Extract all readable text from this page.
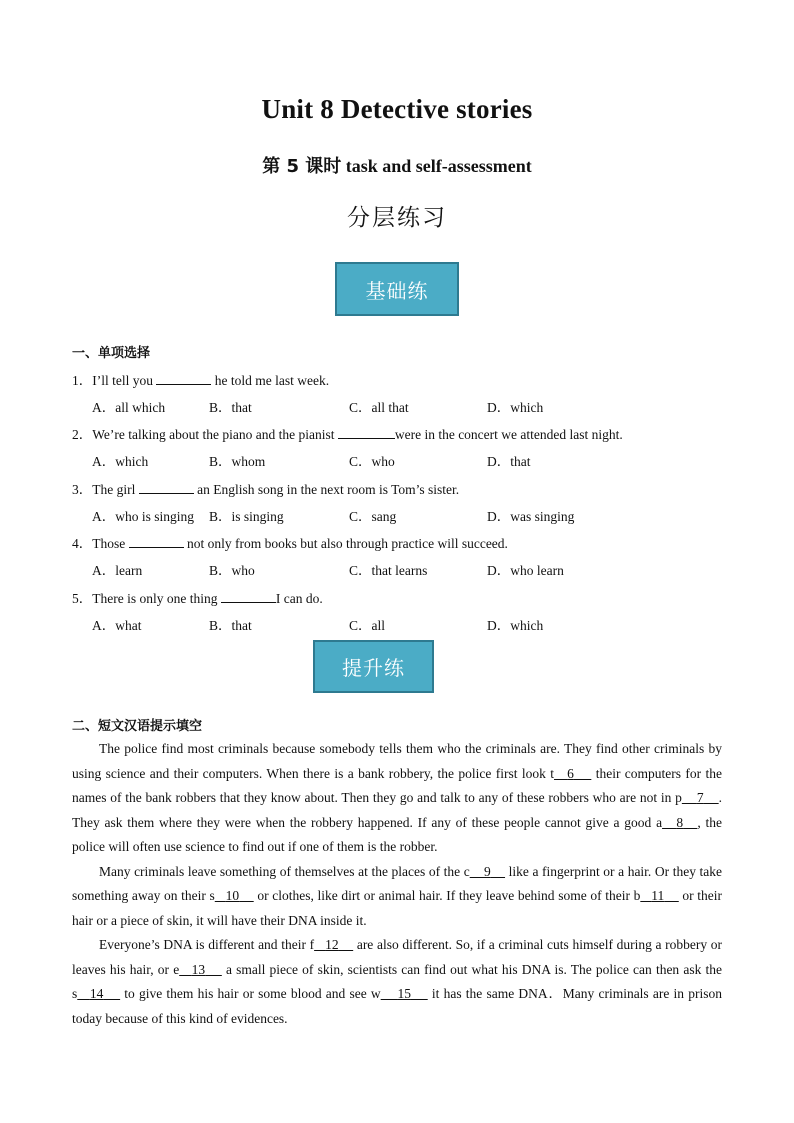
Unit 8 Detective stories
第 5 课时 task and self-assessment
分层练习
基础练
一、单项选择
1．I’ll tell you	he told me last week.
A．all which	B．that	C．all that	D．which
2．We’re talking about the piano and the pianist	were in the concert we attended last night.
A．which	B．whom	C．who	D．that
3．The girl	an English song in the next room is Tom’s sister.
A．who is singing B．is singing	C．sang	D．was singing
4．Those	not only from books but also through practice will succeed.
A．learn	B．who	C．that learns	D．who learn
5．There is only one thing	I can do.
A．what	B．that	C．all	D．which
提升练
二、短文汉语提示填空

The police find most criminals because somebody tells them who the criminals are. They find other criminals by using science and their computers. When there is a bank robbery, the police first look t 6     their computers for the names of the bank robbers that they know about. Then they go and talk to any of these robbers who are not in p 7 . They ask them where they were when the robbery happened. If any of these people cannot give a good a 8 , the police will often use science to find out if one of them is the robber.

Many criminals leave something of themselves at the places of the c 9     like a fingerprint or a hair. Or they take something away on their s 10     or clothes, like dirt or animal hair. If they leave behind some of their b 11     or their hair or a piece of skin, it will have their DNA inside it.

Everyone’s DNA is different and their f 12     are also different. So, if a criminal cuts himself during a robbery or leaves his hair, or e 13     a small piece of skin, scientists can find out what his DNA is. The police can then ask the s 14     to give them his hair or some blood and see w 15     it has the same DNA．Many criminals are in prison today because of this kind of evidences.
